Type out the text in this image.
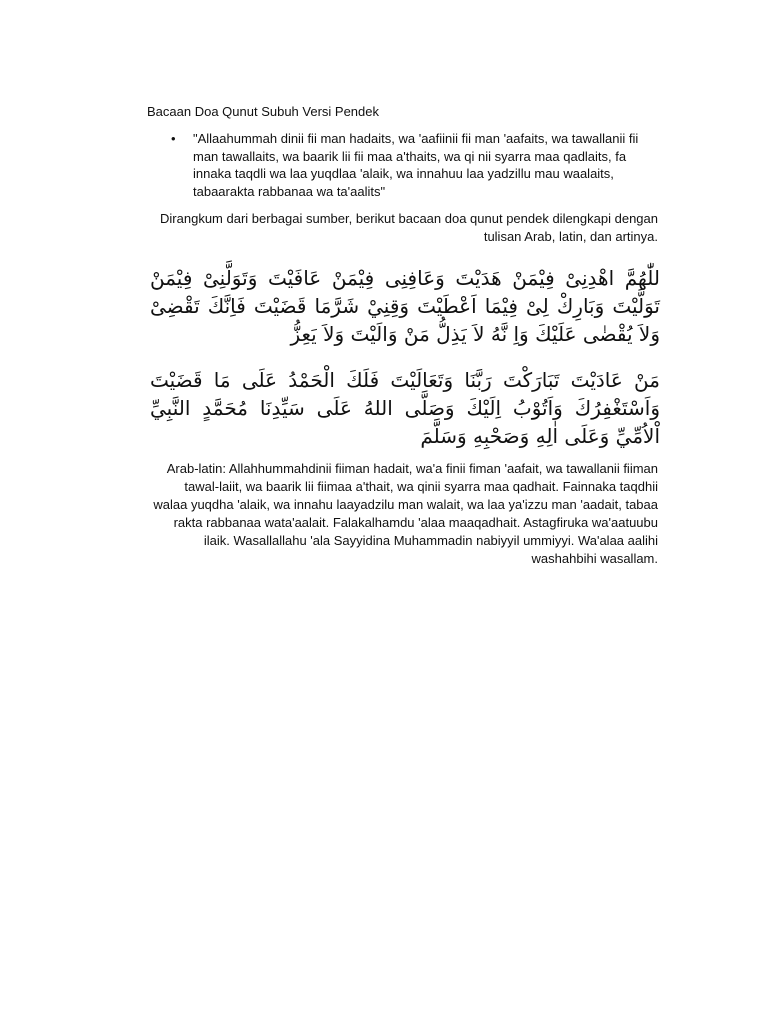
Bacaan Doa Qunut Subuh Versi Pendek
• "Allaahummah dinii fii man hadaits, wa 'aafiinii fii man 'aafaits, wa tawallanii fii man tawallaits, wa baarik lii fii maa a'thaits, wa qi nii syarra maa qadlaits, fa innaka taqdli wa laa yuqdlaa 'alaik, wa innahuu laa yadzillu mau waalaits, tabaarakta rabbanaa wa ta'aalits"

Dirangkum dari berbagai sumber, berikut bacaan doa qunut pendek dilengkapi dengan tulisan Arab, latin, dan artinya.

للّٰهُمَّ اهْدِنِىْ فِيْمَنْ هَدَيْتَ وَعَافِنِى فِيْمَنْ عَافَيْتَ وَتَوَلَّنِىْ فِيْمَنْ تَوَلَّيْتَ وَبَارِكْ لِىْ فِيْمَا اَعْطَيْتَ وَقِنِيْ شَرَّمَا قَضَيْتَ فَاِنَّكَ تَقْضِىْ وَلاَ يُقْضٰى عَلَيْكَ وَاِ نَّهُ لاَ يَذِلُّ مَنْ وَالَيْتَ وَلاَ يَعِزُّ

مَنْ عَادَيْتَ تَبَارَكْتَ رَبَّنَا وَتَعَالَيْتَ فَلَكَ الْحَمْدُ عَلَى مَا قَضَيْتَ وَاَسْتَغْفِرُكَ وَاَتُوْبُ اِلَيْكَ وَصَلَّى اللهُ عَلَى سَيِّدِنَا مُحَمَّدٍ النَّبِيِّ اْلاُمِّيِّ وَعَلَى اٰلِهِ وَصَحْبِهِ وَسَلَّمَ

Arab-latin: Allahhummahdinii fiiman hadait, wa'a finii fiman 'aafait, wa tawallanii fiiman tawal-laiit, wa baarik lii fiimaa a'thait, wa qinii syarra maa qadhait. Fainnaka taqdhii walaa yuqdha 'alaik, wa innahu laayadzilu man walait, wa laa ya'izzu man 'aadait, tabaa rakta rabbanaa wata'aalait. Falakalhamdu 'alaa maaqadhait. Astagfiruka wa'aatuubu ilaik. Wasallallahu 'ala Sayyidina Muhammadin nabiyyil ummiyyi. Wa'alaa aalihi washahbihi wasallam.
